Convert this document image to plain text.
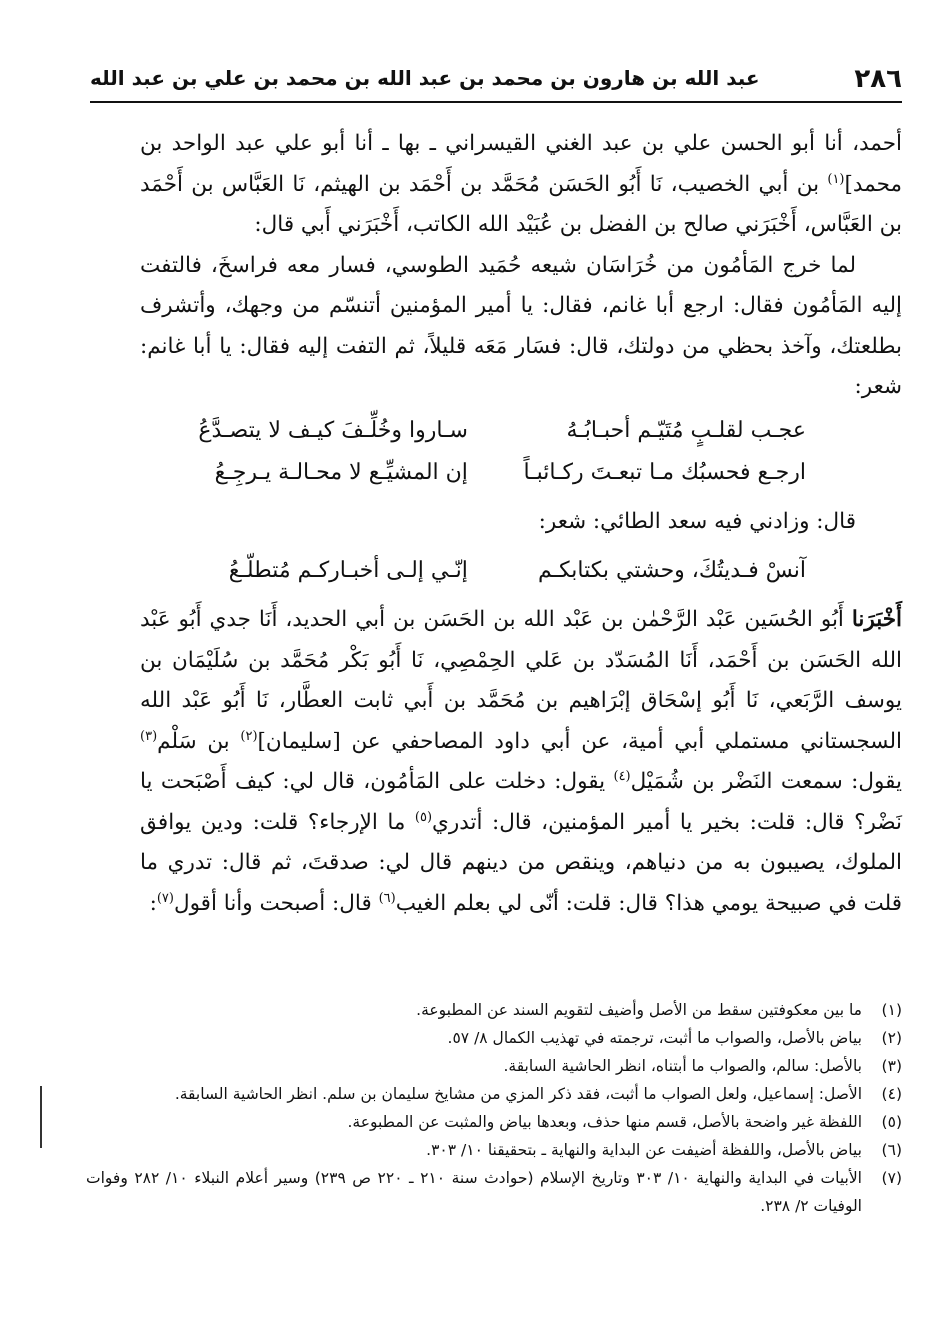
٢٨٦
عبد الله بن هارون بن محمد بن عبد الله بن محمد بن علي بن عبد الله

أحمد، أنا أبو الحسن علي بن عبد الغني القيسراني ـ بها ـ أنا أبو علي عبد الواحد بن محمد]$^{(١)}$ بن أبي الخصيب، نَا أَبُو الحَسَن مُحَمَّد بن أَحْمَد بن الهيثم، نَا العَبَّاس بن أَحْمَد بن العَبَّاس، أَخْبَرَني صالح بن الفضل بن عُبَيْد الله الكاتب، أَخْبَرَني أَبي قال:

لما خرج المَأمُون من خُرَاسَان شيعه حُمَيد الطوسي، فسار معه فراسخَ، فالتفت إليه المَأمُون فقال: ارجع أبا غانم، فقال: يا أمير المؤمنين أتنسّم من وجهك، وأتشرف بطلعتك، وآخذ بحظي من دولتك، قال: فسَار مَعَه قليلاً، ثم التفت إليه فقال: يا أبا غانم: شعر:

عجـب لقلـبٍ مُتَيّـم أحبـابُـهُ
سـاروا وخُلِّـفَ كيـف لا يتصـدَّعُ
ارجـع فحسبُك مـا تبعـتَ ركـائبـاً
إن المشيِّـع لا محـالـة يـرجِـعُ

قال: وزادني فيه سعد الطائي: شعر:

آنسْ فـديتُكَ، وحشتي بكتابكـم
إنّـي إلـى أخبـاركـم مُتطلّـعُ

أَخْبَرَنا أَبُو الحُسَين عَبْد الرَّحْمٰن بن عَبْد الله بن الحَسَن بن أبي الحديد، أَنَا جدي أَبُو عَبْد الله الحَسَن بن أَحْمَد، أَنَا المُسَدّد بن عَلي الحِمْصِي، نَا أَبُو بَكْر مُحَمَّد بن سُلَيْمَان بن يوسف الرَّبَعي، نَا أَبُو إسْحَاق إبْرَاهيم بن مُحَمَّد بن أَبي ثابت العطَّار، نَا أَبُو عَبْد الله السجستاني مستملي أبي أمية، عن أبي داود المصاحفي عن [سليمان]$^{(٢)}$ بن سَلْم$^{(٣)}$ يقول: سمعت النَضْر بن شُمَيْل$^{(٤)}$ يقول: دخلت على المَأمُون، قال لي: كيف أَصْبَحت يا نَضْر؟ قال: قلت: بخير يا أمير المؤمنين، قال: أتدري$^{(٥)}$ ما الإرجاء؟ قلت: ودين يوافق الملوك، يصيبون به من دنياهم، وينقص من دينهم قال لي: صدقتَ، ثم قال: تدري ما قلت في صبيحة يومي هذا؟ قال: قلت: أنّى لي بعلم الغيب$^{(٦)}$ قال: أصبحت وأنا أقول$^{(٧)}$:

(١)
ما بين معكوفتين سقط من الأصل وأضيف لتقويم السند عن المطبوعة.
(٢)
بياض بالأصل، والصواب ما أثبت، ترجمته في تهذيب الكمال ٨/ ٥٧.
(٣)
بالأصل: سالم، والصواب ما أبتناه، انظر الحاشية السابقة.
(٤)
الأصل: إسماعيل، ولعل الصواب ما أثبت، فقد ذكر المزي من مشايخ سليمان بن سلم. انظر الحاشية السابقة.
(٥)
اللفظة غير واضحة بالأصل، قسم منها حذف، وبعدها بياض والمثبت عن المطبوعة.
(٦)
بياض بالأصل، واللفظة أضيفت عن البداية والنهاية ـ بتحقيقنا ١٠/ ٣٠٣.
(٧)
الأبيات في البداية والنهاية ١٠/ ٣٠٣ وتاريخ الإسلام (حوادث سنة ٢١٠ ـ ٢٢٠ ص ٢٣٩) وسير أعلام النبلاء ١٠/ ٢٨٢ وفوات الوفيات ٢/ ٢٣٨.
